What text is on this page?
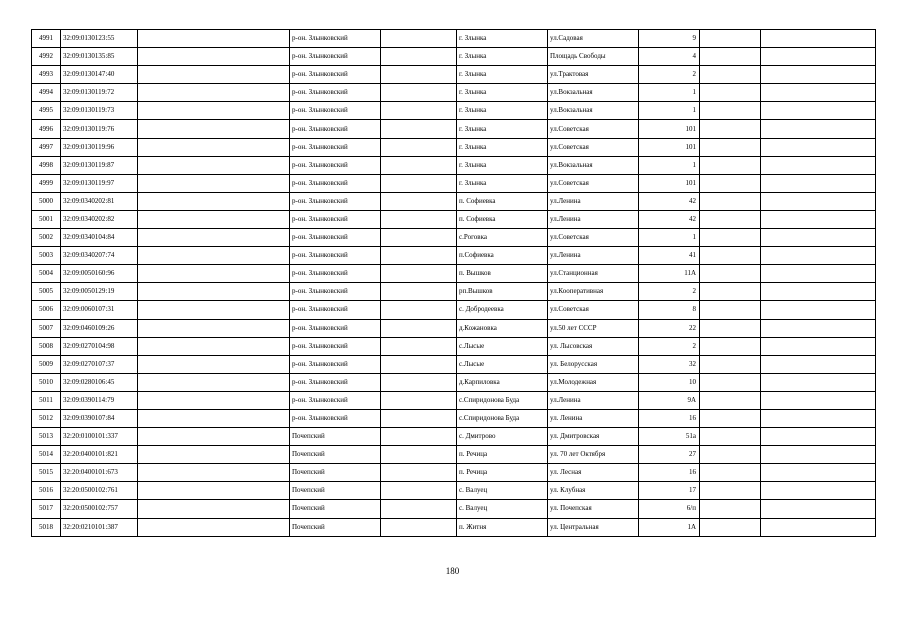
4991	32:09:0130123:55		р-он. Злынковский		г. Злынка	ул.Садовая	9		
4992	32:09:0130135:85		р-он. Злынковский		г. Злынка	Площадь Свободы	4		
4993	32:09:0130147:40		р-он. Злынковский		г. Злынка	ул.Трактовая	2		
4994	32:09:0130119:72		р-он. Злынковский		г. Злынка	ул.Вокзальная	1		
4995	32:09:0130119:73		р-он. Злынковский		г. Злынка	ул.Вокзальная	1		
4996	32:09:0130119:76		р-он. Злынковский		г. Злынка	ул.Советская	101		
4997	32:09:0130119:96		р-он. Злынковский		г. Злынка	ул.Советская	101		
4998	32:09:0130119:87		р-он. Злынковский		г. Злынка	ул.Вокзальная	1		
4999	32:09:0130119:97		р-он. Злынковский		г. Злынка	ул.Советская	101		
5000	32:09:0340202:81		р-он. Злынковский		п. Софиевка	ул.Ленина	42		
5001	32:09:0340202:82		р-он. Злынковский		п. Софиевка	ул.Ленина	42		
5002	32:09:0340104:84		р-он. Злынковский		с.Роговка	ул.Советская	1		
5003	32:09:0340207:74		р-он. Злынковский		п.Софиевка	ул.Ленина	41		
5004	32:09:0050160:96		р-он. Злынковский		п. Вышков	ул.Станционная	11А		
5005	32:09:0050129:19		р-он. Злынковский		рп.Вышков	ул.Кооперативная	2		
5006	32:09:0060107:31		р-он. Злынковский		с. Добродеевка	ул.Советская	8		
5007	32:09:0460109:26		р-он. Злынковский		д.Кожановка	ул.50 лет СССР	22		
5008	32:09:0270104:98		р-он. Злынковский		с.Лысые	ул. Лысовская	2		
5009	32:09:0270107:37		р-он. Злынковский		с.Лысые	ул. Белорусская	32		
5010	32:09:0280106:45		р-он. Злынковский		д.Карпиловка	ул.Молодежная	10		
5011	32:09:0390114:79		р-он. Злынковский		с.Спиридонова Буда	ул.Ленина	9А		
5012	32:09:0390107:84		р-он. Злынковский		с.Спиридонова Буда	ул. Ленина	16		
5013	32:20:0100101:337		Почепский		с. Дмитрово	ул. Дмитровская	51а		
5014	32:20:0400101:821		Почепский		п. Речица	ул. 70 лет Октября	27		
5015	32:20:0400101:673		Почепский		п. Речица	ул. Лесная	16		
5016	32:20:0500102:761		Почепский		с. Валуец	ул. Клубная	17		
5017	32:20:0500102:757		Почепский		с. Валуец	ул. Почепская	6/п		
5018	32:20:0210101:387		Почепский		п. Житня	ул. Центральная	1А		
180
